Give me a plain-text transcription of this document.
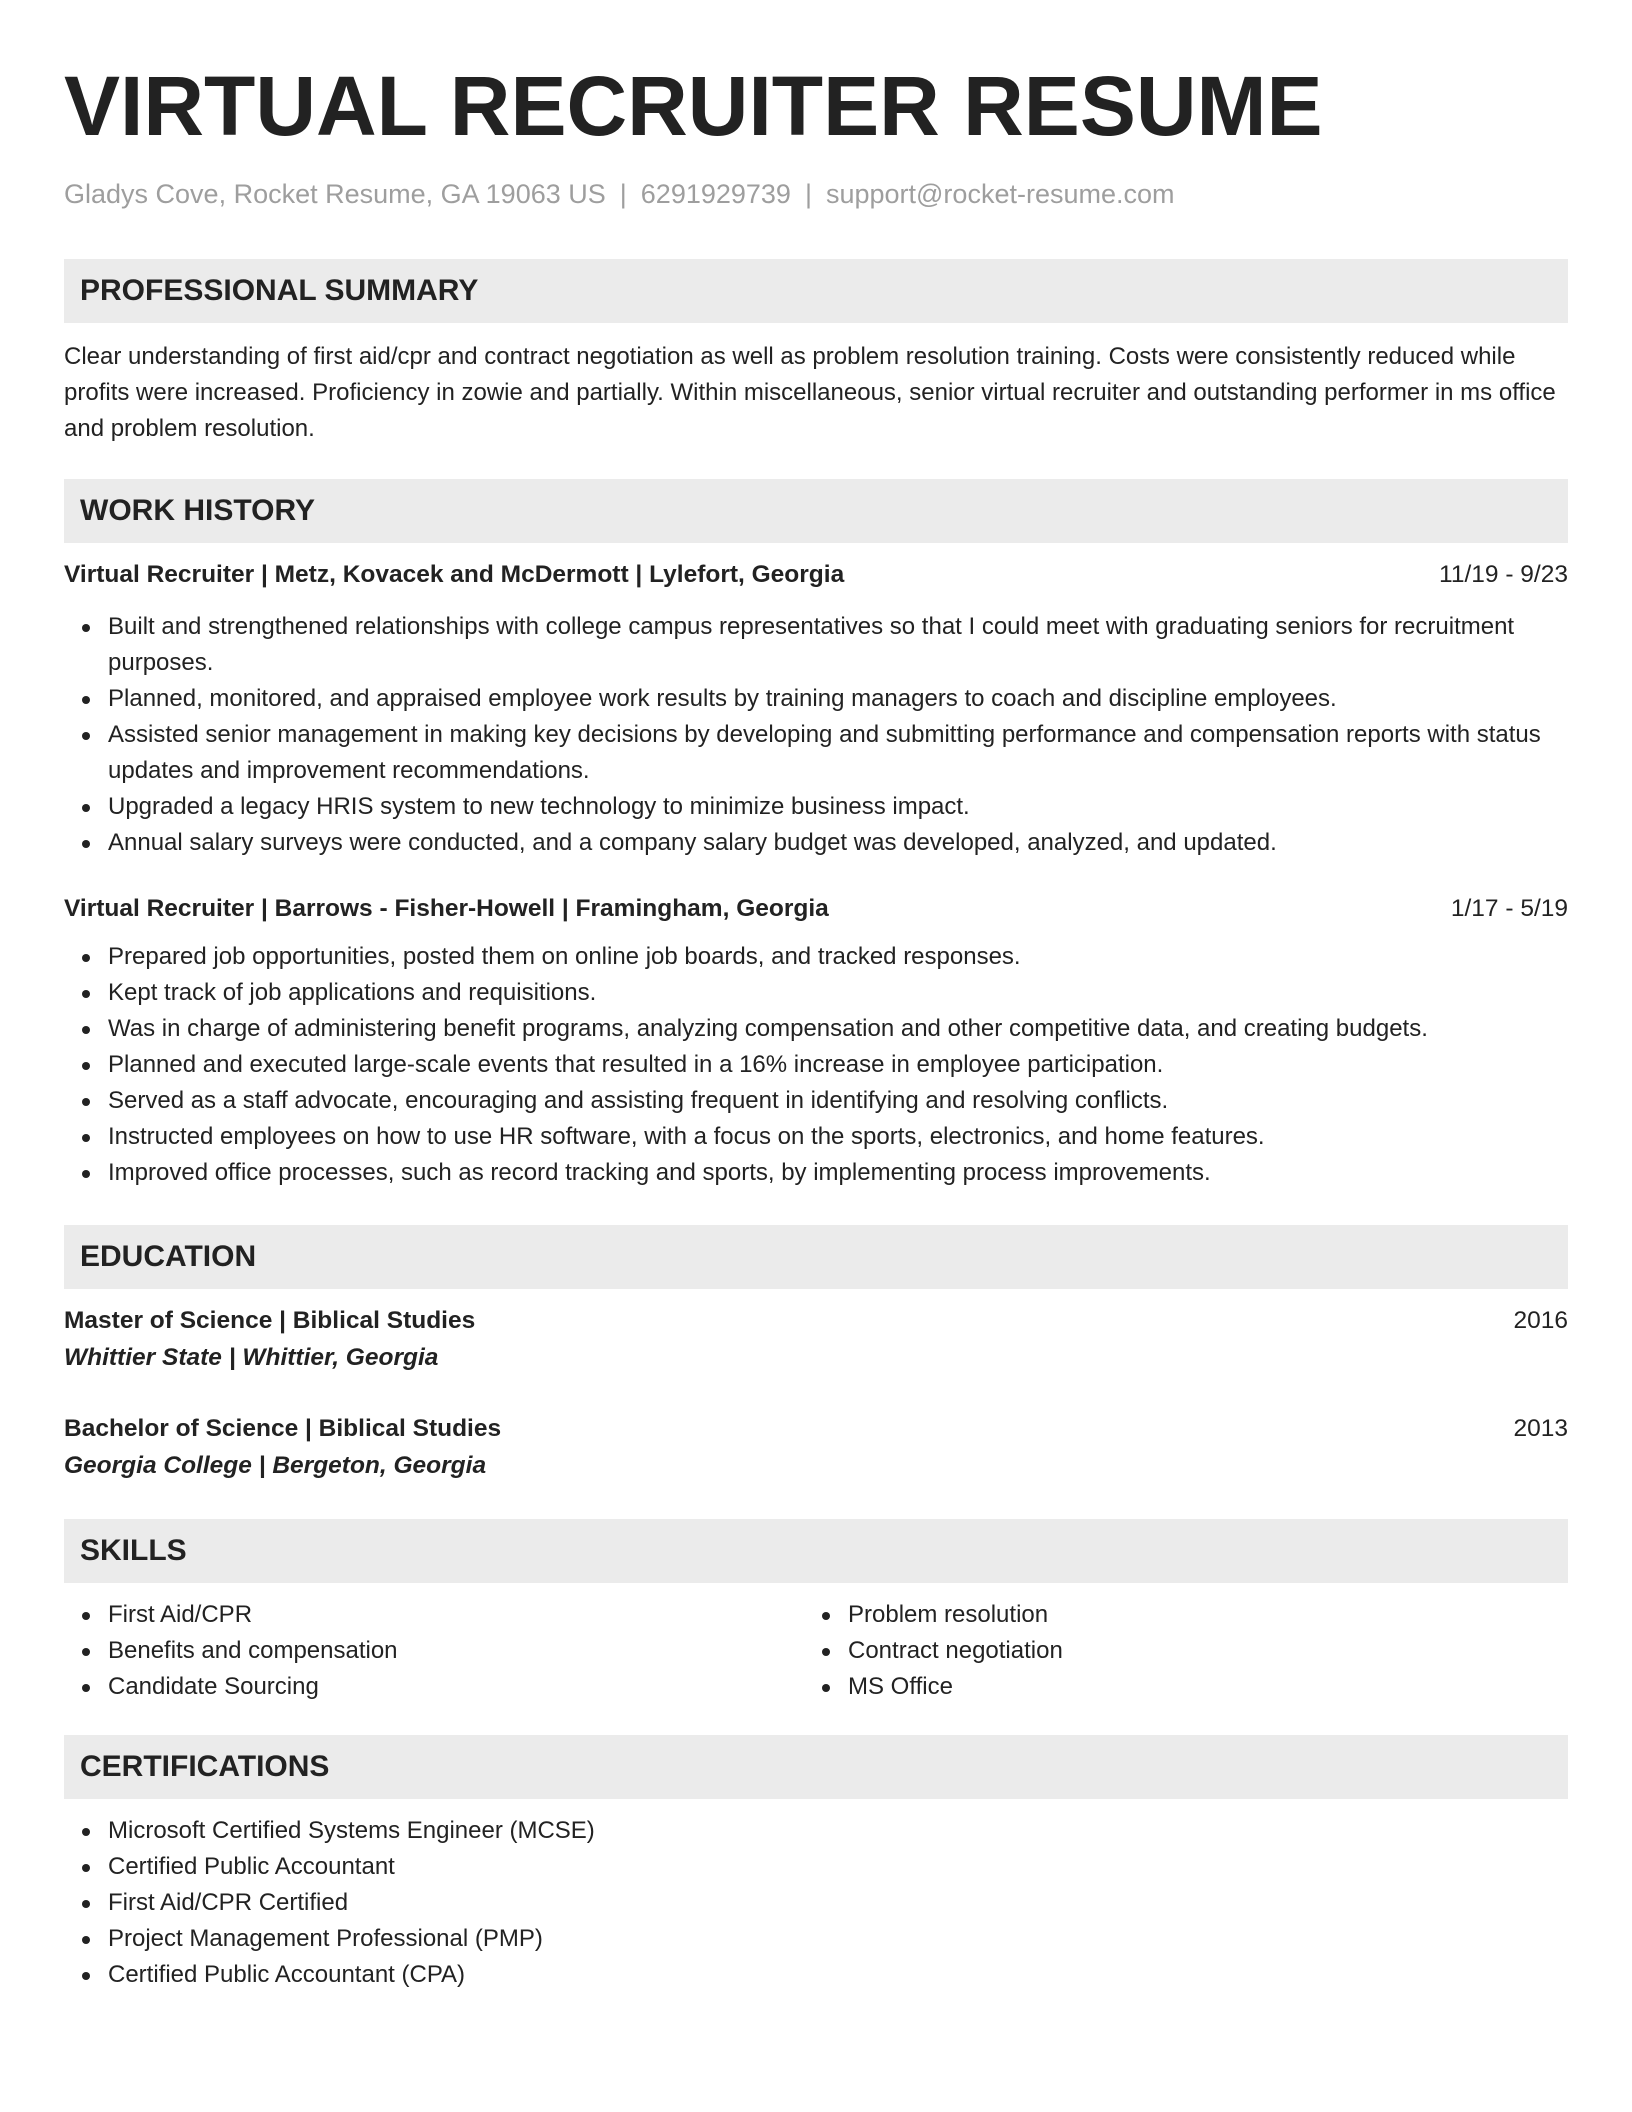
VIRTUAL RECRUITER RESUME
Gladys Cove, Rocket Resume, GA 19063 US | 6291929739 | support@rocket-resume.com
PROFESSIONAL SUMMARY

Clear understanding of first aid/cpr and contract negotiation as well as problem resolution training. Costs were consistently reduced while profits were increased. Proficiency in zowie and partially. Within miscellaneous, senior virtual recruiter and outstanding performer in ms office and problem resolution.

WORK HISTORY
Virtual Recruiter | Metz, Kovacek and McDermott | Lylefort, Georgia	11/19 - 9/23
Built and strengthened relationships with college campus representatives so that I could meet with graduating seniors for recruitment purposes.
Planned, monitored, and appraised employee work results by training managers to coach and discipline employees.
Assisted senior management in making key decisions by developing and submitting performance and compensation reports with status updates and improvement recommendations.
Upgraded a legacy HRIS system to new technology to minimize business impact.
Annual salary surveys were conducted, and a company salary budget was developed, analyzed, and updated.
Virtual Recruiter | Barrows - Fisher-Howell | Framingham, Georgia	1/17 - 5/19
Prepared job opportunities, posted them on online job boards, and tracked responses.
Kept track of job applications and requisitions.
Was in charge of administering benefit programs, analyzing compensation and other competitive data, and creating budgets.
Planned and executed large-scale events that resulted in a 16% increase in employee participation.
Served as a staff advocate, encouraging and assisting frequent in identifying and resolving conflicts.
Instructed employees on how to use HR software, with a focus on the sports, electronics, and home features.
Improved office processes, such as record tracking and sports, by implementing process improvements.
EDUCATION
Master of Science | Biblical Studies	2016
Whittier State | Whittier, Georgia
Bachelor of Science | Biblical Studies	2013
Georgia College | Bergeton, Georgia
SKILLS
First Aid/CPR
Benefits and compensation
Candidate Sourcing
Problem resolution
Contract negotiation
MS Office
CERTIFICATIONS
Microsoft Certified Systems Engineer (MCSE)
Certified Public Accountant
First Aid/CPR Certified
Project Management Professional (PMP)
Certified Public Accountant (CPA)
